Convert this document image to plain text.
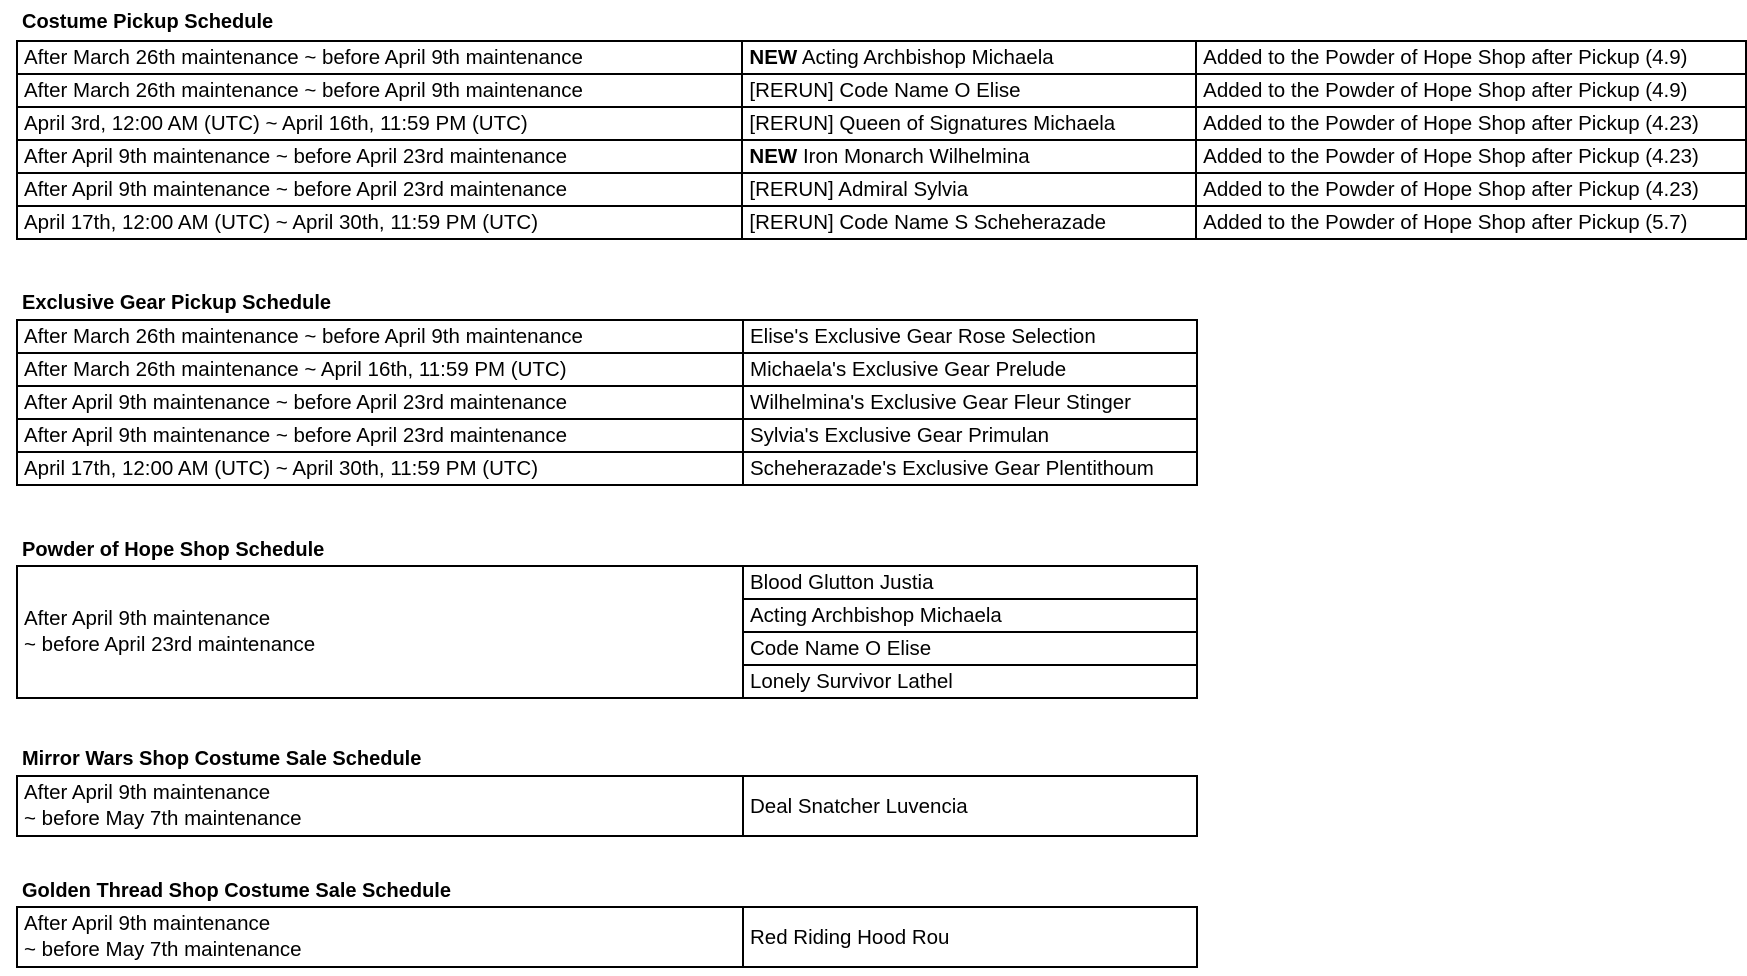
Costume Pickup Schedule
After March 26th maintenance ~ before April 9th maintenance	NEW Acting Archbishop Michaela	Added to the Powder of Hope Shop after Pickup (4.9)
After March 26th maintenance ~ before April 9th maintenance	[RERUN] Code Name O Elise	Added to the Powder of Hope Shop after Pickup (4.9)
April 3rd, 12:00 AM (UTC) ~ April 16th, 11:59 PM (UTC)	[RERUN] Queen of Signatures Michaela	Added to the Powder of Hope Shop after Pickup (4.23)
After April 9th maintenance ~ before April 23rd maintenance	NEW Iron Monarch Wilhelmina	Added to the Powder of Hope Shop after Pickup (4.23)
After April 9th maintenance ~ before April 23rd maintenance	[RERUN] Admiral Sylvia	Added to the Powder of Hope Shop after Pickup (4.23)
April 17th, 12:00 AM (UTC) ~ April 30th, 11:59 PM (UTC)	[RERUN] Code Name S Scheherazade	Added to the Powder of Hope Shop after Pickup (5.7)
Exclusive Gear Pickup Schedule
After March 26th maintenance ~ before April 9th maintenance	Elise's Exclusive Gear Rose Selection
After March 26th maintenance ~ April 16th, 11:59 PM (UTC)	Michaela's Exclusive Gear Prelude
After April 9th maintenance ~ before April 23rd maintenance	Wilhelmina's Exclusive Gear Fleur Stinger
After April 9th maintenance ~ before April 23rd maintenance	Sylvia's Exclusive Gear Primulan
April 17th, 12:00 AM (UTC) ~ April 30th, 11:59 PM (UTC)	Scheherazade's Exclusive Gear Plentithoum
Powder of Hope Shop Schedule
After April 9th maintenance
~ before April 23rd maintenance
	Blood Glutton Justia
Acting Archbishop Michaela
Code Name O Elise
Lonely Survivor Lathel
Mirror Wars Shop Costume Sale Schedule
After April 9th maintenance
~ before May 7th maintenance
	Deal Snatcher Luvencia
Golden Thread Shop Costume Sale Schedule
After April 9th maintenance
~ before May 7th maintenance
	Red Riding Hood Rou
